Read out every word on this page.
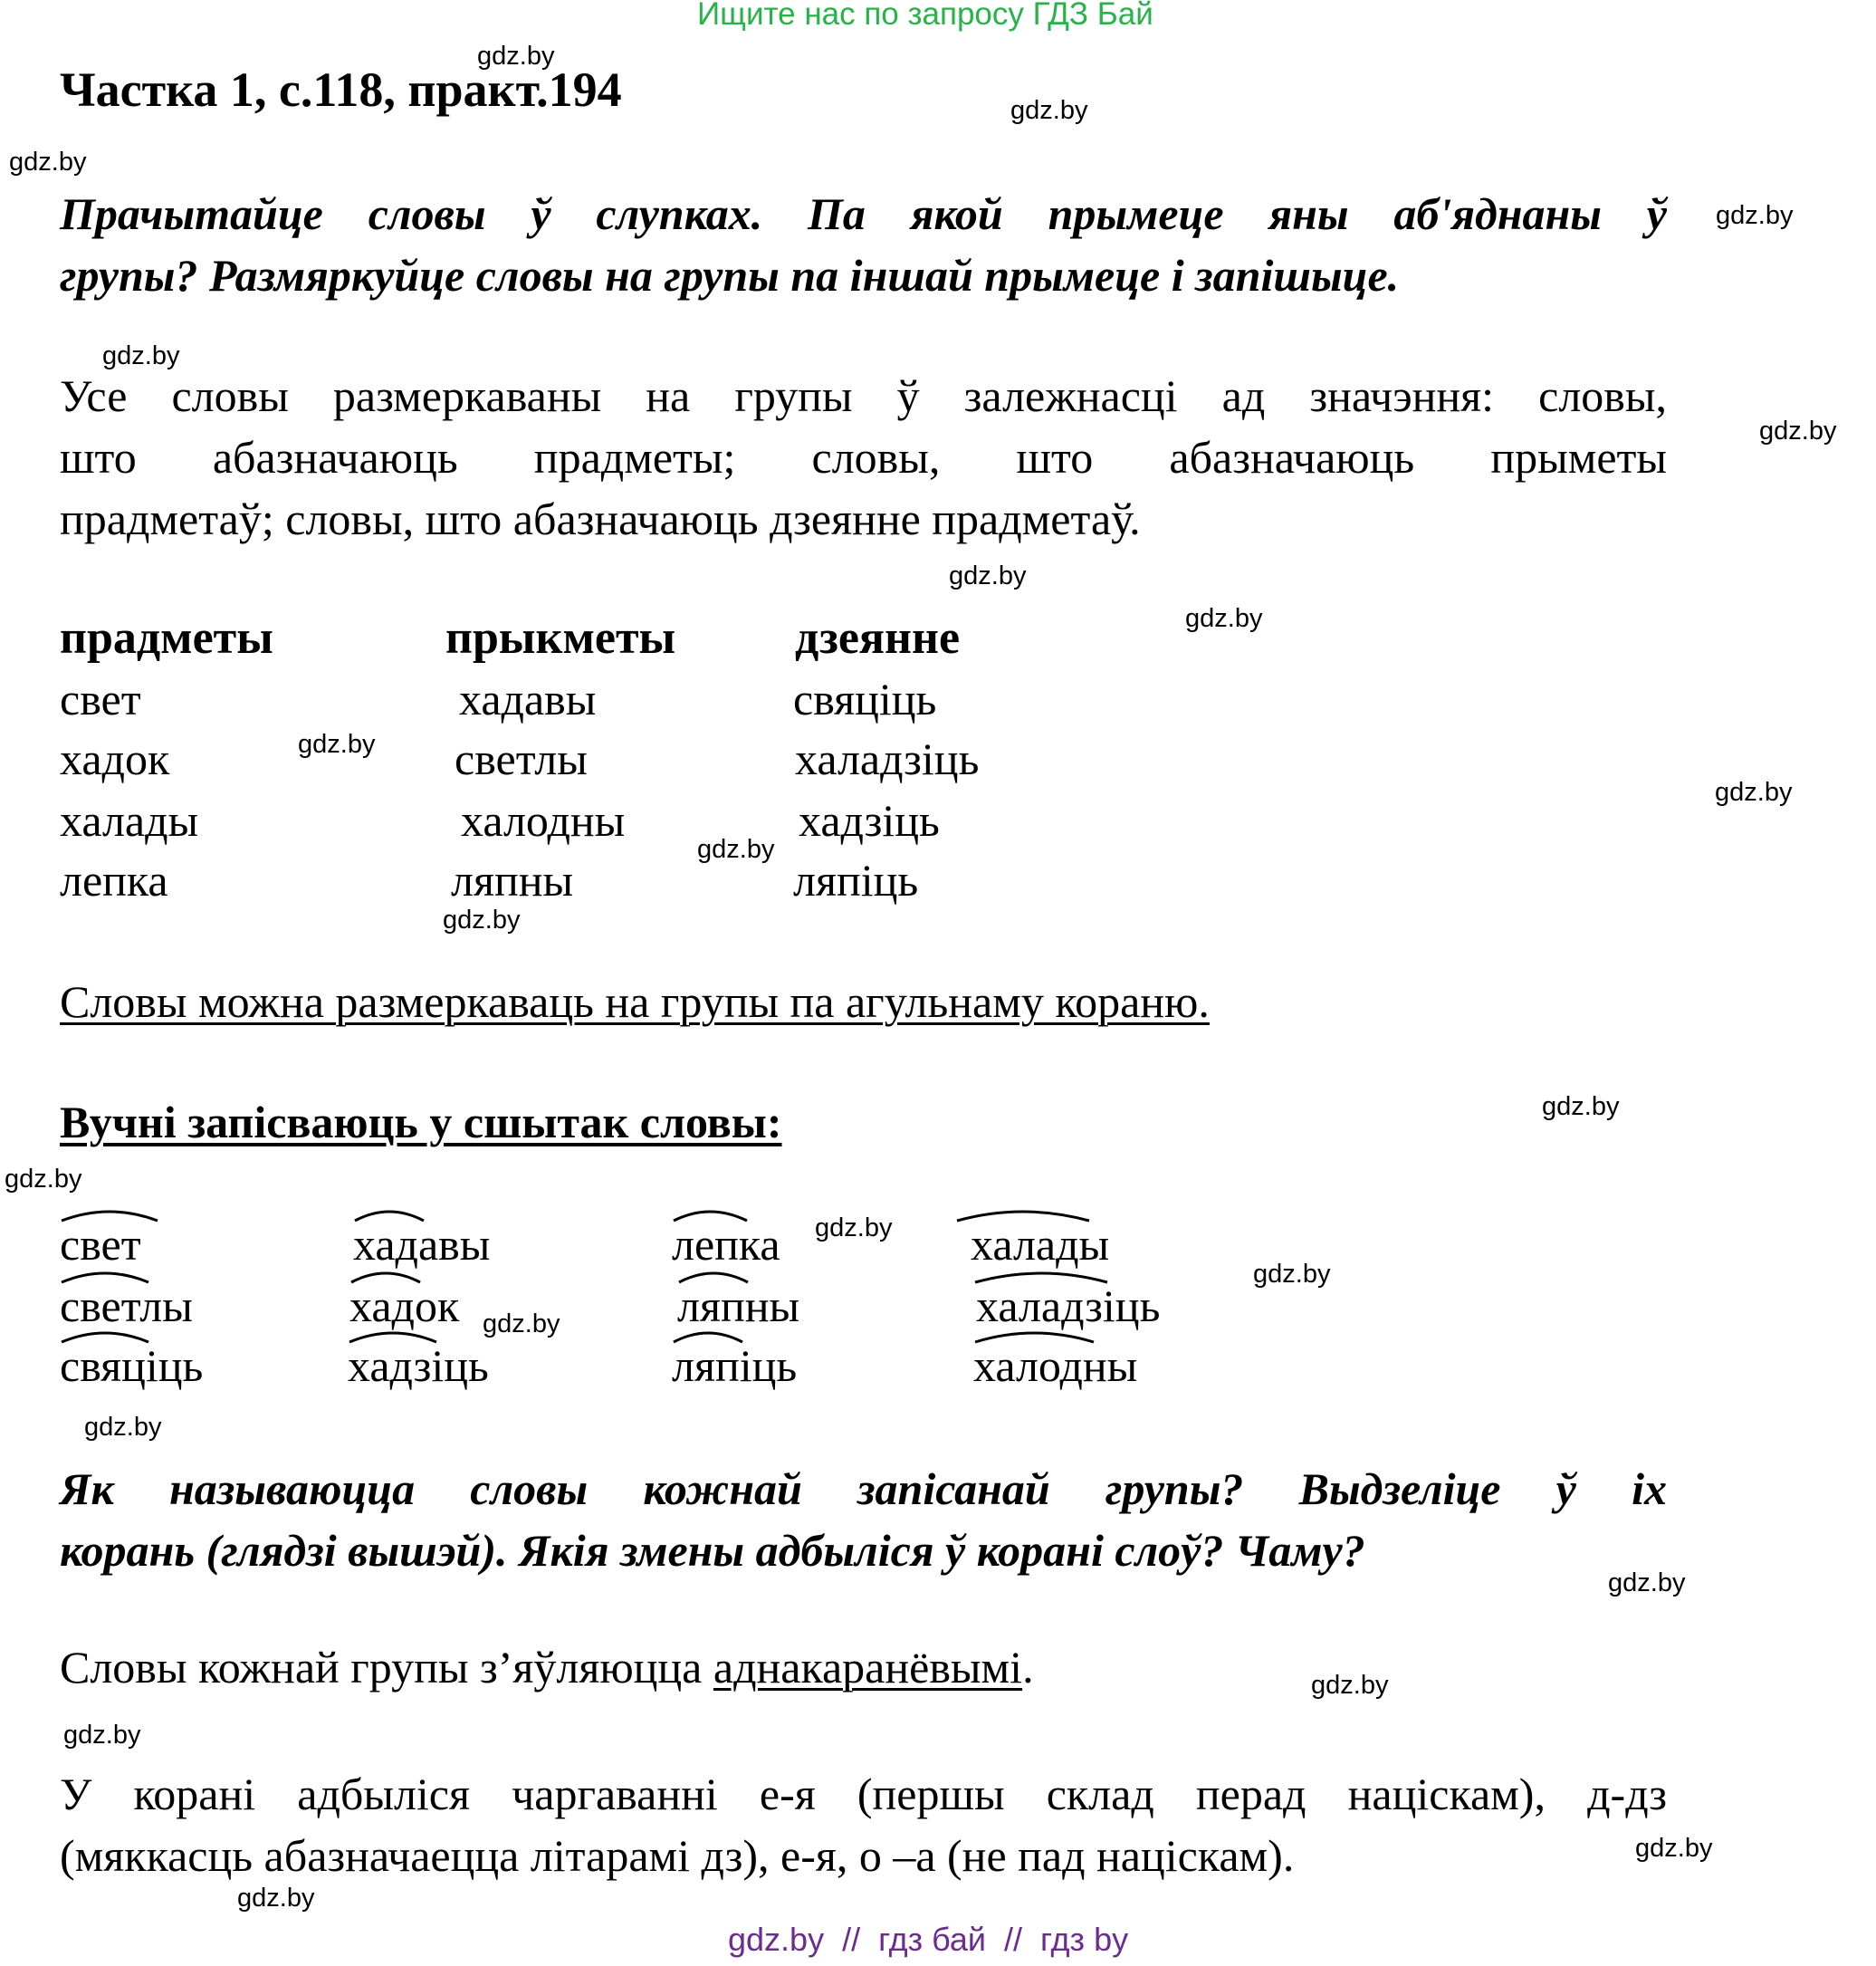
Ищите нас по запросу ГДЗ Бай
Частка 1, с.118, практ.194
Прачытайце словы ў слупках. Па якой прымеце яны аб'яднаны ў
групы? Размяркуйце словы на групы па іншай прымеце і запішыце.
Усе словы размеркаваны на групы ў залежнасці ад значэння: словы,
што абазначаюць прадметы; словы, што абазначаюць прыметы
прадметаў; словы, што абазначаюць дзеянне прадметаў.
прадметы	прыкметы	дзеянне
свет
хадок
халады
лепка
хадавы
светлы
халодны
ляпны
свяціць
халадзіць
хадзіць
ляпіць
Словы можна размеркаваць на групы па агульнаму кораню.
Вучні запісваюць у сшытак словы:
свет
светлы
свяціць
хадавы
хадок
хадзіць
лепка
ляпны
ляпіць
халады
халадзіць
халодны
Як называюцца словы кожнай запісанай групы? Выдзеліце ў іх
корань (глядзі вышэй). Якія змены адбыліся ў корані слоў? Чаму?
Словы кожнай групы з’яўляюцца аднакаранёвымі.
У корані адбыліся чаргаванні е-я (першы склад перад націскам), д-дз
(мяккасць абазначаецца літарамі дз), е-я, о –а (не пад націскам).
gdz.by
gdz.by
gdz.by
gdz.by
gdz.by
gdz.by
gdz.by
gdz.by
gdz.by
gdz.by
gdz.by
gdz.by
gdz.by
gdz.by
gdz.by
gdz.by
gdz.by
gdz.by
gdz.by
gdz.by
gdz.by
gdz.by
gdz.by
gdz.by  //  гдз бай  //  гдз by
